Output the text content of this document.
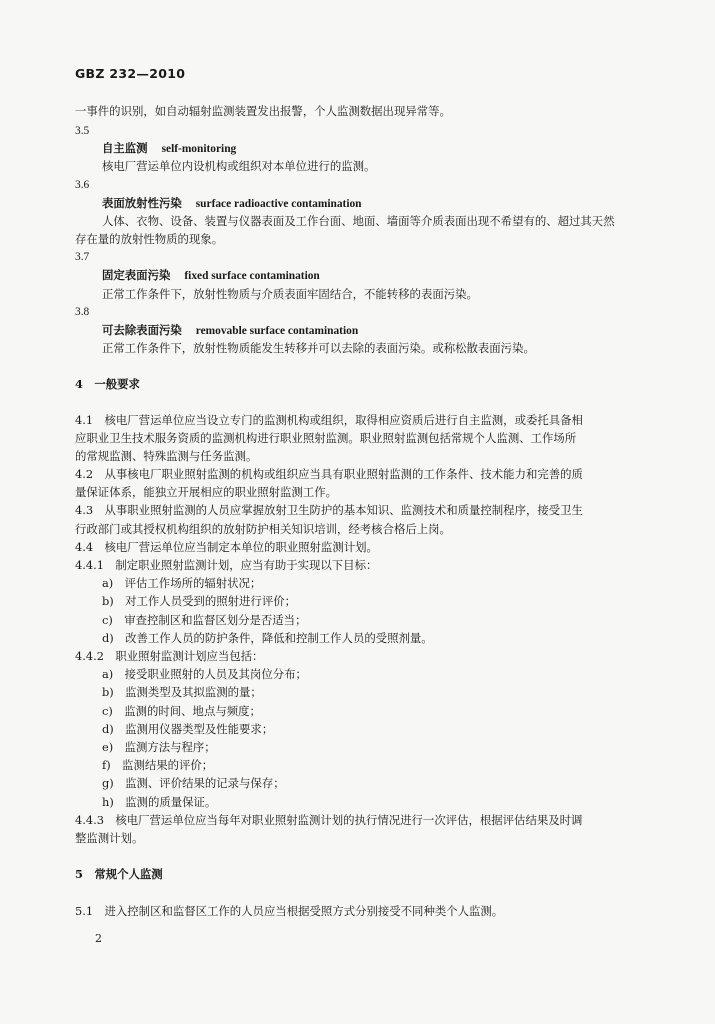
GBZ 232—2010
一事件的识别，如自动辐射监测装置发出报警，个人监测数据出现异常等。
3.5
自主监测 self-monitoring
核电厂营运单位内设机构或组织对本单位进行的监测。
3.6
表面放射性污染 surface radioactive contamination
人体、衣物、设备、装置与仪器表面及工作台面、地面、墙面等介质表面出现不希望有的、超过其天然
存在量的放射性物质的现象。
3.7
固定表面污染 fixed surface contamination
正常工作条件下，放射性物质与介质表面牢固结合，不能转移的表面污染。
3.8
可去除表面污染 removable surface contamination
正常工作条件下，放射性物质能发生转移并可以去除的表面污染。或称松散表面污染。
4　一般要求
4.1　核电厂营运单位应当设立专门的监测机构或组织，取得相应资质后进行自主监测，或委托具备相
应职业卫生技术服务资质的监测机构进行职业照射监测。职业照射监测包括常规个人监测、工作场所
的常规监测、特殊监测与任务监测。
4.2　从事核电厂职业照射监测的机构或组织应当具有职业照射监测的工作条件、技术能力和完善的质
量保证体系，能独立开展相应的职业照射监测工作。
4.3　从事职业照射监测的人员应掌握放射卫生防护的基本知识、监测技术和质量控制程序，接受卫生
行政部门或其授权机构组织的放射防护相关知识培训，经考核合格后上岗。
4.4　核电厂营运单位应当制定本单位的职业照射监测计划。
4.4.1　制定职业照射监测计划，应当有助于实现以下目标：
a)　评估工作场所的辐射状况；
b)　对工作人员受到的照射进行评价；
c)　审查控制区和监督区划分是否适当；
d)　改善工作人员的防护条件，降低和控制工作人员的受照剂量。
4.4.2　职业照射监测计划应当包括：
a)　接受职业照射的人员及其岗位分布；
b)　监测类型及其拟监测的量；
c)　监测的时间、地点与频度；
d)　监测用仪器类型及性能要求；
e)　监测方法与程序；
f)　监测结果的评价；
g)　监测、评价结果的记录与保存；
h)　监测的质量保证。
4.4.3　核电厂营运单位应当每年对职业照射监测计划的执行情况进行一次评估，根据评估结果及时调
整监测计划。
5　常规个人监测
5.1　进入控制区和监督区工作的人员应当根据受照方式分别接受不同种类个人监测。
2
